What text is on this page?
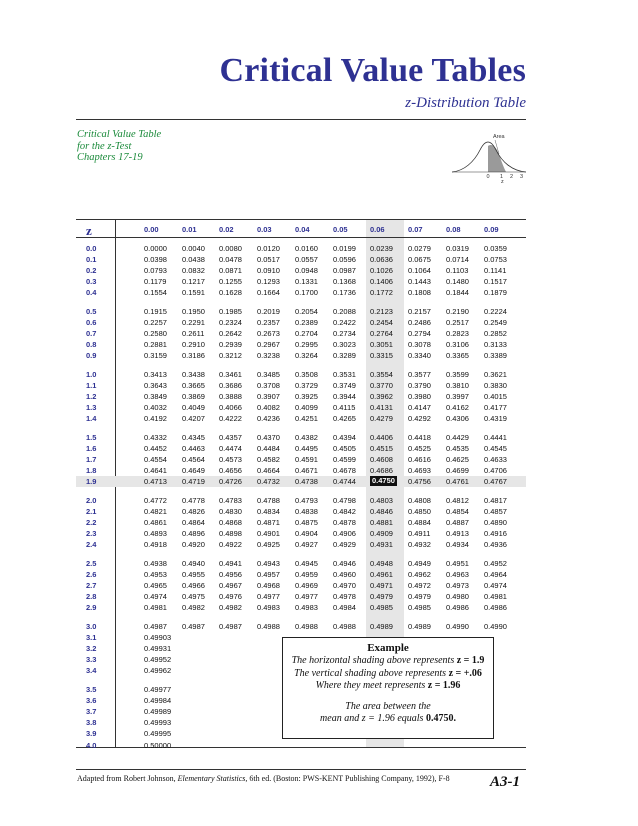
Critical Value Tables
z-Distribution Table
Critical Value Table
for the z-Test
Chapters 17-19
Area
0 1 2 3
z
z	0.00	0.01	0.02	0.03	0.04	0.05	0.06	0.07	0.08	0.09
0.0	0.0000 0.0040 0.0080 0.0120 0.0160 0.0199 0.0239 0.0279 0.0319 0.0359
0.1	0.0398 0.0438 0.0478 0.0517 0.0557 0.0596 0.0636 0.0675 0.0714 0.0753
0.2	0.0793 0.0832 0.0871 0.0910 0.0948 0.0987 0.1026 0.1064 0.1103 0.1141
0.3	0.1179 0.1217 0.1255 0.1293 0.1331 0.1368 0.1406 0.1443 0.1480 0.1517
0.4	0.1554 0.1591 0.1628 0.1664 0.1700 0.1736 0.1772 0.1808 0.1844 0.1879
0.5	0.1915 0.1950 0.1985 0.2019 0.2054 0.2088 0.2123 0.2157 0.2190 0.2224
0.6	0.2257 0.2291 0.2324 0.2357 0.2389 0.2422 0.2454 0.2486 0.2517 0.2549
0.7	0.2580 0.2611 0.2642 0.2673 0.2704 0.2734 0.2764 0.2794 0.2823 0.2852
0.8	0.2881 0.2910 0.2939 0.2967 0.2995 0.3023 0.3051 0.3078 0.3106 0.3133
0.9	0.3159 0.3186 0.3212 0.3238 0.3264 0.3289 0.3315 0.3340 0.3365 0.3389
1.0	0.3413 0.3438 0.3461 0.3485 0.3508 0.3531 0.3554 0.3577 0.3599 0.3621
1.1	0.3643 0.3665 0.3686 0.3708 0.3729 0.3749 0.3770 0.3790 0.3810 0.3830
1.2	0.3849 0.3869 0.3888 0.3907 0.3925 0.3944 0.3962 0.3980 0.3997 0.4015
1.3	0.4032 0.4049 0.4066 0.4082 0.4099 0.4115 0.4131 0.4147 0.4162 0.4177
1.4	0.4192 0.4207 0.4222 0.4236 0.4251 0.4265 0.4279 0.4292 0.4306 0.4319
1.5	0.4332 0.4345 0.4357 0.4370 0.4382 0.4394 0.4406 0.4418 0.4429 0.4441
1.6	0.4452 0.4463 0.4474 0.4484 0.4495 0.4505 0.4515 0.4525 0.4535 0.4545
1.7	0.4554 0.4564 0.4573 0.4582 0.4591 0.4599 0.4608 0.4616 0.4625 0.4633
1.8	0.4641 0.4649 0.4656 0.4664 0.4671 0.4678 0.4686 0.4693 0.4699 0.4706
1.9	0.4713 0.4719 0.4726 0.4732 0.4738 0.4744 0.4750 0.4756 0.4761 0.4767
2.0	0.4772 0.4778 0.4783 0.4788 0.4793 0.4798 0.4803 0.4808 0.4812 0.4817
2.1	0.4821 0.4826 0.4830 0.4834 0.4838 0.4842 0.4846 0.4850 0.4854 0.4857
2.2	0.4861 0.4864 0.4868 0.4871 0.4875 0.4878 0.4881 0.4884 0.4887 0.4890
2.3	0.4893 0.4896 0.4898 0.4901 0.4904 0.4906 0.4909 0.4911 0.4913 0.4916
2.4	0.4918 0.4920 0.4922 0.4925 0.4927 0.4929 0.4931 0.4932 0.4934 0.4936
2.5	0.4938 0.4940 0.4941 0.4943 0.4945 0.4946 0.4948 0.4949 0.4951 0.4952
2.6	0.4953 0.4955 0.4956 0.4957 0.4959 0.4960 0.4961 0.4962 0.4963 0.4964
2.7	0.4965 0.4966 0.4967 0.4968 0.4969 0.4970 0.4971 0.4972 0.4973 0.4974
2.8	0.4974 0.4975 0.4976 0.4977 0.4977 0.4978 0.4979 0.4979 0.4980 0.4981
2.9	0.4981 0.4982 0.4982 0.4983 0.4983 0.4984 0.4985 0.4985 0.4986 0.4986
3.0	0.4987 0.4987 0.4987 0.4988 0.4988 0.4988 0.4989 0.4989 0.4990 0.4990
3.1	0.49903
3.2	0.49931
3.3	0.49952
3.4	0.49962
3.5	0.49977
3.6	0.49984
3.7	0.49989
3.8	0.49993
3.9	0.49995
4.0	0.50000
Example
The horizontal shading above represents z = 1.9
The vertical shading above represents z = +.06
Where they meet represents z = 1.96
The area between the
mean and z = 1.96 equals 0.4750.
Adapted from Robert Johnson, Elementary Statistics, 6th ed. (Boston: PWS-KENT Publishing Company, 1992), F-8	A3-1
